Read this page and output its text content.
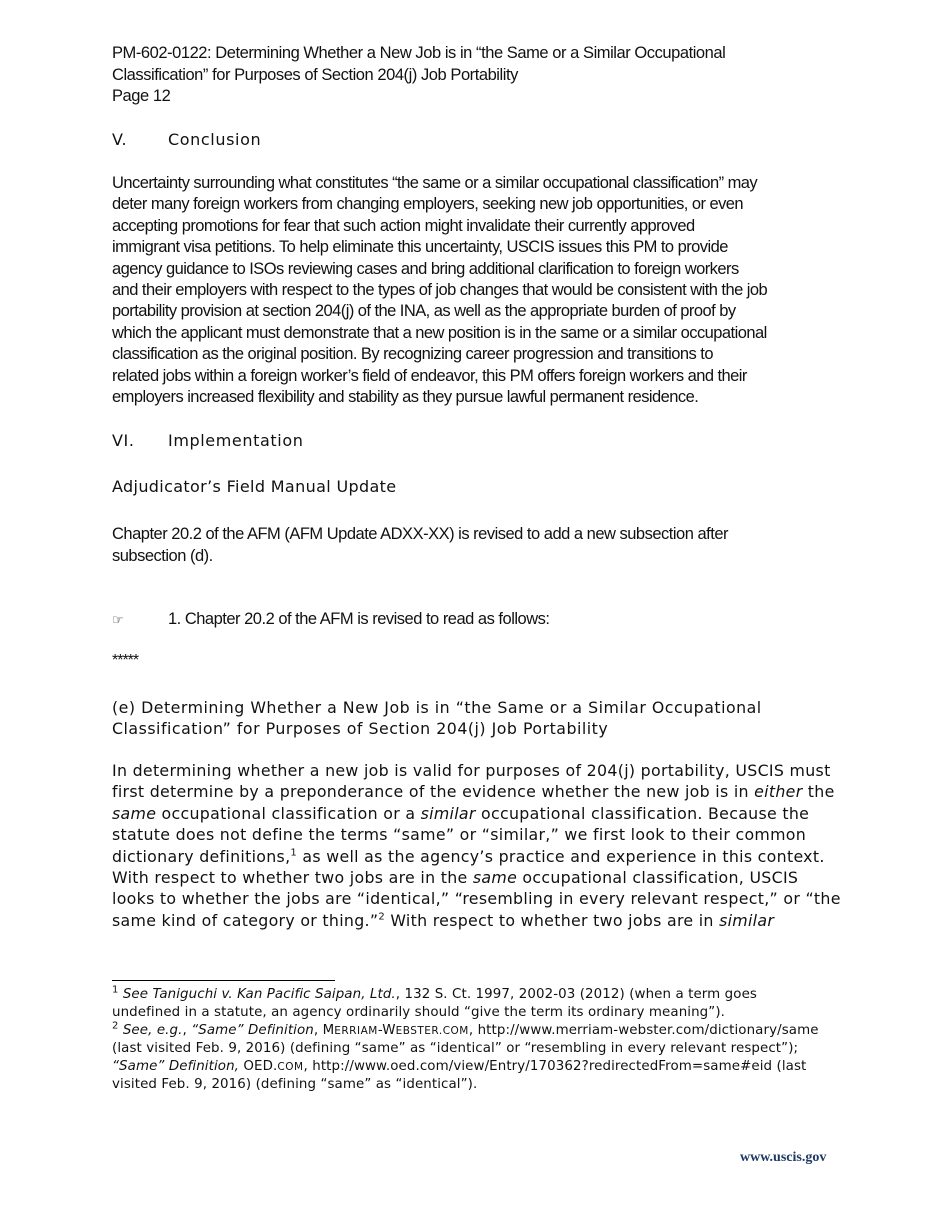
PM-602-0122: Determining Whether a New Job is in “the Same or a Similar Occupational
Classification” for Purposes of Section 204(j) Job Portability
Page 12
V.	Conclusion
Uncertainty surrounding what constitutes “the same or a similar occupational classification” may
deter many foreign workers from changing employers, seeking new job opportunities, or even
accepting promotions for fear that such action might invalidate their currently approved
immigrant visa petitions. To help eliminate this uncertainty, USCIS issues this PM to provide
agency guidance to ISOs reviewing cases and bring additional clarification to foreign workers
and their employers with respect to the types of job changes that would be consistent with the job
portability provision at section 204(j) of the INA, as well as the appropriate burden of proof by
which the applicant must demonstrate that a new position is in the same or a similar occupational
classification as the original position. By recognizing career progression and transitions to
related jobs within a foreign worker’s field of endeavor, this PM offers foreign workers and their
employers increased flexibility and stability as they pursue lawful permanent residence.
VI. Implementation
Adjudicator’s Field Manual Update
Chapter 20.2 of the AFM (AFM Update ADXX-XX) is revised to add a new subsection after
subsection (d).
☞	1. Chapter 20.2 of the AFM is revised to read as follows:
*****
(e) Determining Whether a New Job is in “the Same or a Similar Occupational
Classification” for Purposes of Section 204(j) Job Portability
In determining whether a new job is valid for purposes of 204(j) portability, USCIS must
first determine by a preponderance of the evidence whether the new job is in either the
same occupational classification or a similar occupational classification. Because the
statute does not define the terms “same” or “similar,” we first look to their common
dictionary definitions,$^1$ as well as the agency’s practice and experience in this context.
With respect to whether two jobs are in the same occupational classification, USCIS
looks to whether the jobs are “identical,” “resembling in every relevant respect,” or “the
same kind of category or thing.”$^2$ With respect to whether two jobs are in similar
$^1$ See Taniguchi v. Kan Pacific Saipan, Ltd., 132 S. Ct. 1997, 2002-03 (2012) (when a term goes
undefined in a statute, an agency ordinarily should “give the term its ordinary meaning”).
$^2$ See, e.g., “Same” Definition, MERRIAM-WEBSTER.COM, http://www.merriam-webster.com/dictionary/same
(last visited Feb. 9, 2016) (defining “same” as “identical” or “resembling in every relevant respect”);
“Same” Definition, OED.COM, http://www.oed.com/view/Entry/170362?redirectedFrom=same#eid (last
visited Feb. 9, 2016) (defining “same” as “identical”).
www.uscis.gov
